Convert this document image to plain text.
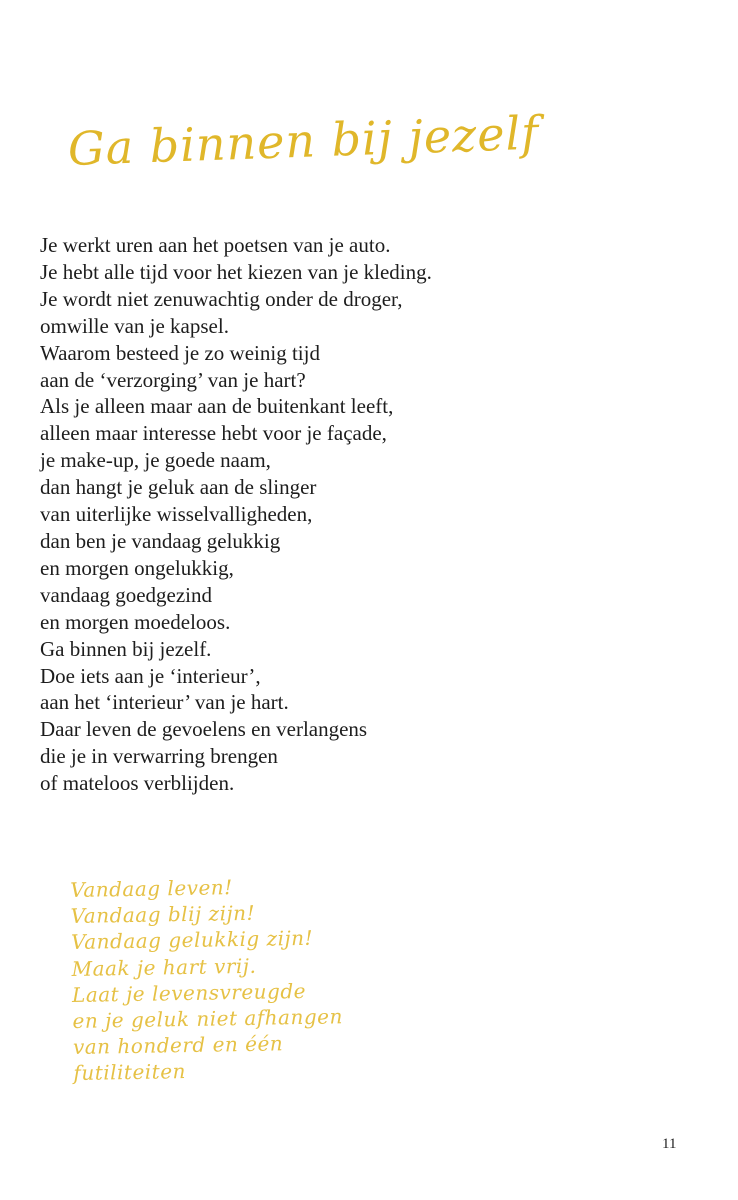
Ga binnen bij jezelf
Je werkt uren aan het poetsen van je auto.
Je hebt alle tijd voor het kiezen van je kleding.
Je wordt niet zenuwachtig onder de droger,
omwille van je kapsel.
Waarom besteed je zo weinig tijd
aan de ‘verzorging’ van je hart?
Als je alleen maar aan de buitenkant leeft,
alleen maar interesse hebt voor je façade,
je make-up, je goede naam,
dan hangt je geluk aan de slinger
van uiterlijke wisselvalligheden,
dan ben je vandaag gelukkig
en morgen ongelukkig,
vandaag goedgezind
en morgen moedeloos.
Ga binnen bij jezelf.
Doe iets aan je ‘interieur’,
aan het ‘interieur’ van je hart.
Daar leven de gevoelens en verlangens
die je in verwarring brengen
of mateloos verblijden.
Vandaag leven!
Vandaag blij zijn!
Vandaag gelukkig zijn!
Maak je hart vrij.
Laat je levensvreugde
en je geluk niet afhangen
van honderd en één
futiliteiten
11
